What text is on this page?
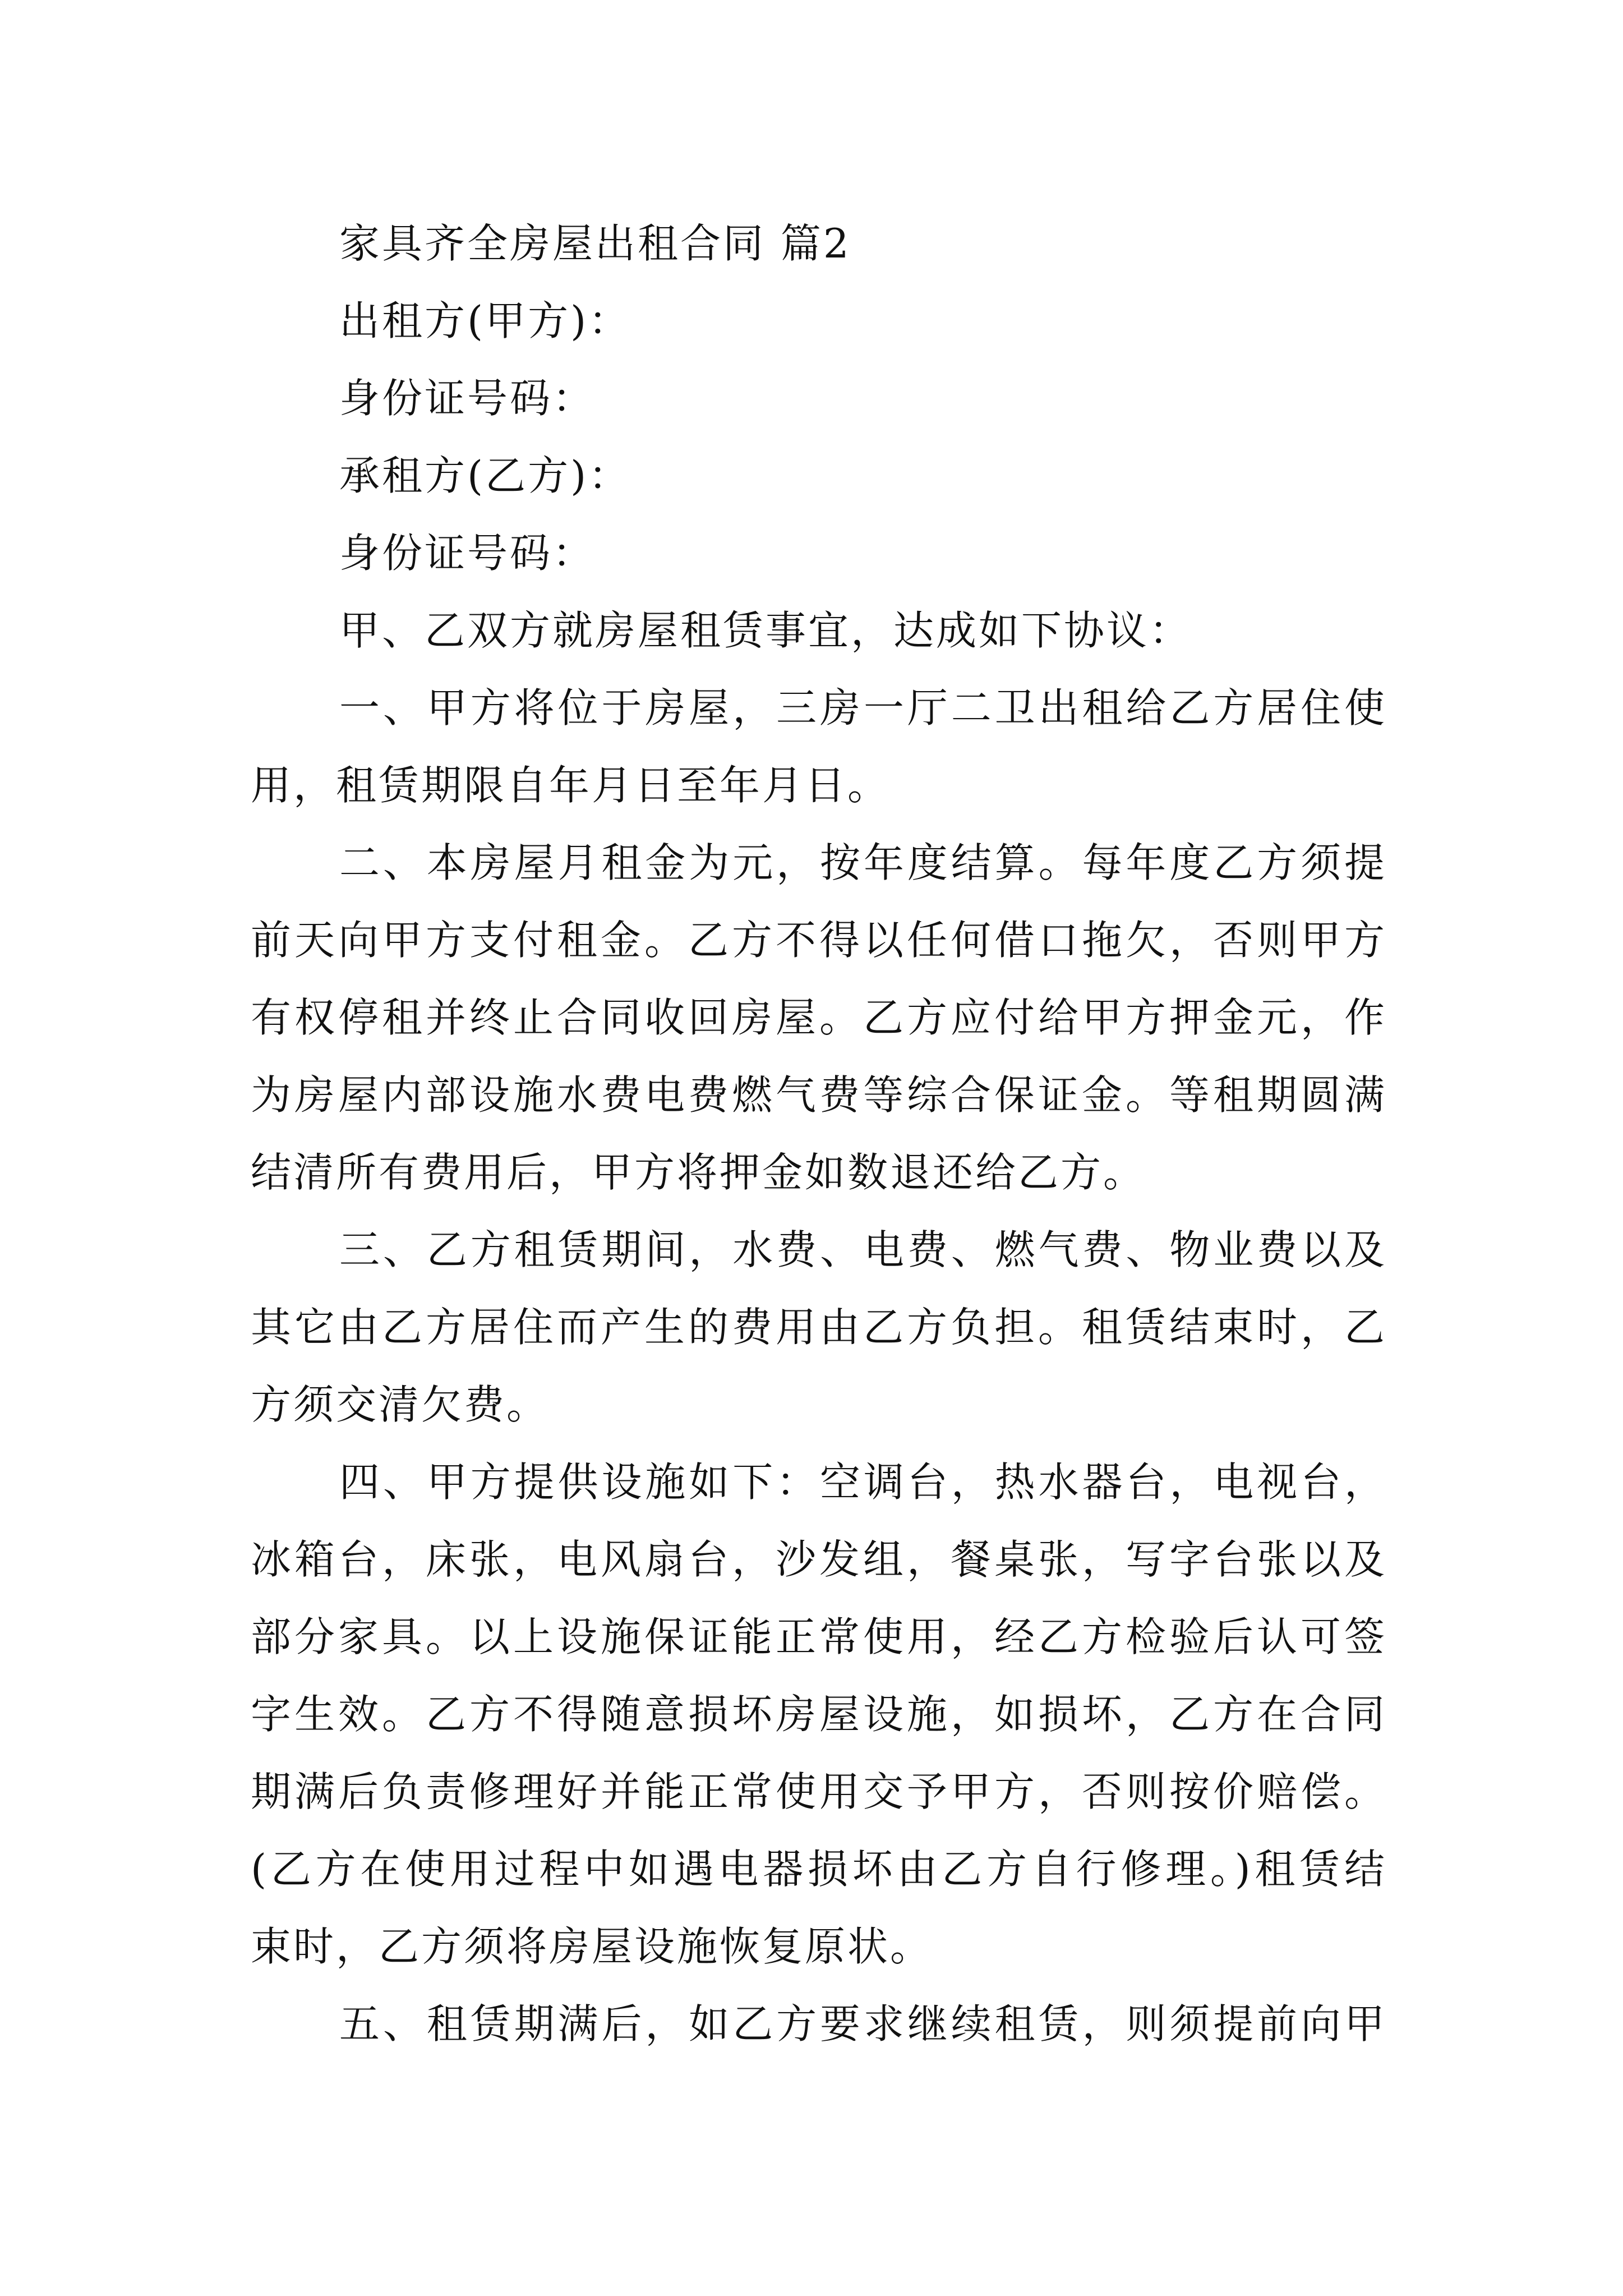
家具齐全房屋出租合同 篇2
出租方(甲方)：
身份证号码：
承租方(乙方)：
身份证号码：
甲、乙双方就房屋租赁事宜，达成如下协议：
一、甲方将位于房屋，三房一厅二卫出租给乙方居住使
用，租赁期限自年月日至年月日。
二、本房屋月租金为元，按年度结算。每年度乙方须提
前天向甲方支付租金。乙方不得以任何借口拖欠，否则甲方
有权停租并终止合同收回房屋。乙方应付给甲方押金元，作
为房屋内部设施水费电费燃气费等综合保证金。等租期圆满
结清所有费用后，甲方将押金如数退还给乙方。
三、乙方租赁期间，水费、电费、燃气费、物业费以及
其它由乙方居住而产生的费用由乙方负担。租赁结束时，乙
方须交清欠费。
四、甲方提供设施如下：空调台，热水器台，电视台，
冰箱台，床张，电风扇台，沙发组，餐桌张，写字台张以及
部分家具。以上设施保证能正常使用，经乙方检验后认可签
字生效。乙方不得随意损坏房屋设施，如损坏，乙方在合同
期满后负责修理好并能正常使用交予甲方，否则按价赔偿。
(乙方在使用过程中如遇电器损坏由乙方自行修理。)租赁结
束时，乙方须将房屋设施恢复原状。
五、租赁期满后，如乙方要求继续租赁，则须提前向甲
